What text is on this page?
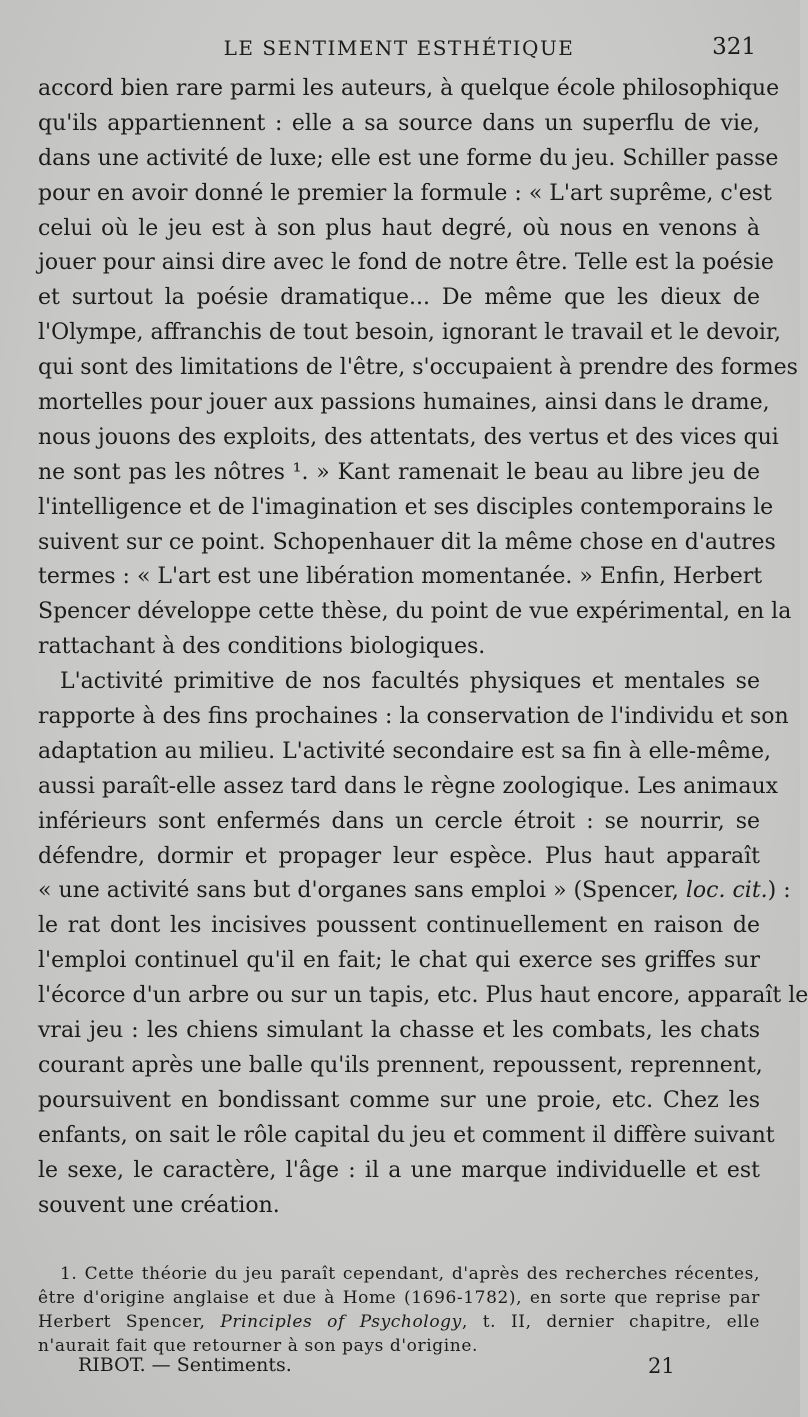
LE SENTIMENT ESTHÉTIQUE	321
accord bien rare parmi les auteurs, à quelque école philosophique
qu'ils appartiennent : elle a sa source dans un superflu de vie,
dans une activité de luxe; elle est une forme du jeu. Schiller passe
pour en avoir donné le premier la formule : « L'art suprême, c'est
celui où le jeu est à son plus haut degré, où nous en venons à
jouer pour ainsi dire avec le fond de notre être. Telle est la poésie
et surtout la poésie dramatique... De même que les dieux de
l'Olympe, affranchis de tout besoin, ignorant le travail et le devoir,
qui sont des limitations de l'être, s'occupaient à prendre des formes
mortelles pour jouer aux passions humaines, ainsi dans le drame,
nous jouons des exploits, des attentats, des vertus et des vices qui
ne sont pas les nôtres ¹. » Kant ramenait le beau au libre jeu de
l'intelligence et de l'imagination et ses disciples contemporains le
suivent sur ce point. Schopenhauer dit la même chose en d'autres
termes : « L'art est une libération momentanée. » Enfin, Herbert
Spencer développe cette thèse, du point de vue expérimental, en la
rattachant à des conditions biologiques.
L'activité primitive de nos facultés physiques et mentales se
rapporte à des fins prochaines : la conservation de l'individu et son
adaptation au milieu. L'activité secondaire est sa fin à elle-même,
aussi paraît-elle assez tard dans le règne zoologique. Les animaux
inférieurs sont enfermés dans un cercle étroit : se nourrir, se
défendre, dormir et propager leur espèce. Plus haut apparaît
« une activité sans but d'organes sans emploi » (Spencer, loc. cit.) :
le rat dont les incisives poussent continuellement en raison de
l'emploi continuel qu'il en fait; le chat qui exerce ses griffes sur
l'écorce d'un arbre ou sur un tapis, etc. Plus haut encore, apparaît le
vrai jeu : les chiens simulant la chasse et les combats, les chats
courant après une balle qu'ils prennent, repoussent, reprennent,
poursuivent en bondissant comme sur une proie, etc. Chez les
enfants, on sait le rôle capital du jeu et comment il diffère suivant
le sexe, le caractère, l'âge : il a une marque individuelle et est
souvent une création.
1. Cette théorie du jeu paraît cependant, d'après des recherches récentes,
être d'origine anglaise et due à Home (1696-1782), en sorte que reprise par
Herbert Spencer, Principles of Psychology, t. II, dernier chapitre, elle
n'aurait fait que retourner à son pays d'origine.
RIBOT. — Sentiments.	21
